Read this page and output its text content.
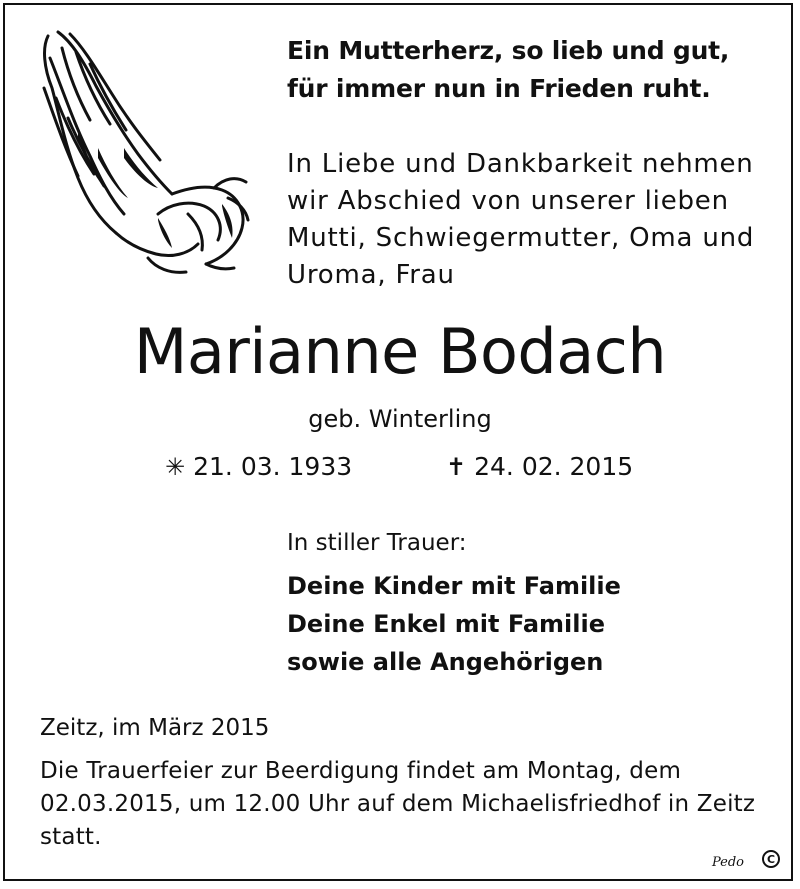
Ein Mutterherz, so lieb und gut,
für immer nun in Frieden ruht.
In Liebe und Dankbarkeit nehmen
wir Abschied von unserer lieben
Mutti, Schwiegermutter, Oma und
Uroma, Frau
Marianne Bodach
geb. Winterling
✳ 21. 03. 1933	✝ 24. 02. 2015
In stiller Trauer:
Deine Kinder mit Familie
Deine Enkel mit Familie
sowie alle Angehörigen
Zeitz, im März 2015
Die Trauerfeier zur Beerdigung findet am Montag, dem
02.03.2015, um 12.00 Uhr auf dem Michaelisfriedhof in Zeitz
statt.
Pedo	C
